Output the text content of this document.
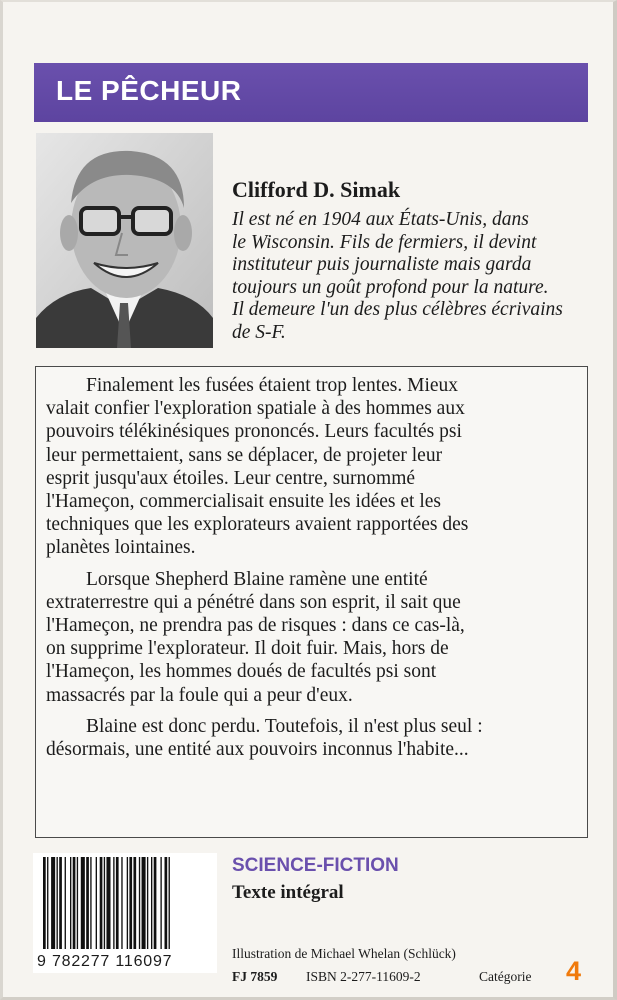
LE PÊCHEUR
Clifford D. Simak
Il est né en 1904 aux États-Unis, dans
le Wisconsin. Fils de fermiers, il devint
instituteur puis journaliste mais garda
toujours un goût profond pour la nature.
Il demeure l'un des plus célèbres écrivains
de S-F.
Finalement les fusées étaient trop lentes. Mieux
valait confier l'exploration spatiale à des hommes aux
pouvoirs télékinésiques prononcés. Leurs facultés psi
leur permettaient, sans se déplacer, de projeter leur
esprit jusqu'aux étoiles. Leur centre, surnommé
l'Hameçon, commercialisait ensuite les idées et les
techniques que les explorateurs avaient rapportées des
planètes lointaines.
Lorsque Shepherd Blaine ramène une entité
extraterrestre qui a pénétré dans son esprit, il sait que
l'Hameçon, ne prendra pas de risques : dans ce cas-là,
on supprime l'explorateur. Il doit fuir. Mais, hors de
l'Hameçon, les hommes doués de facultés psi sont
massacrés par la foule qui a peur d'eux.
Blaine est donc perdu. Toutefois, il n'est plus seul :
désormais, une entité aux pouvoirs inconnus l'habite...
9 782277 116097
SCIENCE-FICTION
Texte intégral
Illustration de Michael Whelan (Schlück)
FJ 7859 ISBN 2-277-11609-2	Catégorie 4
